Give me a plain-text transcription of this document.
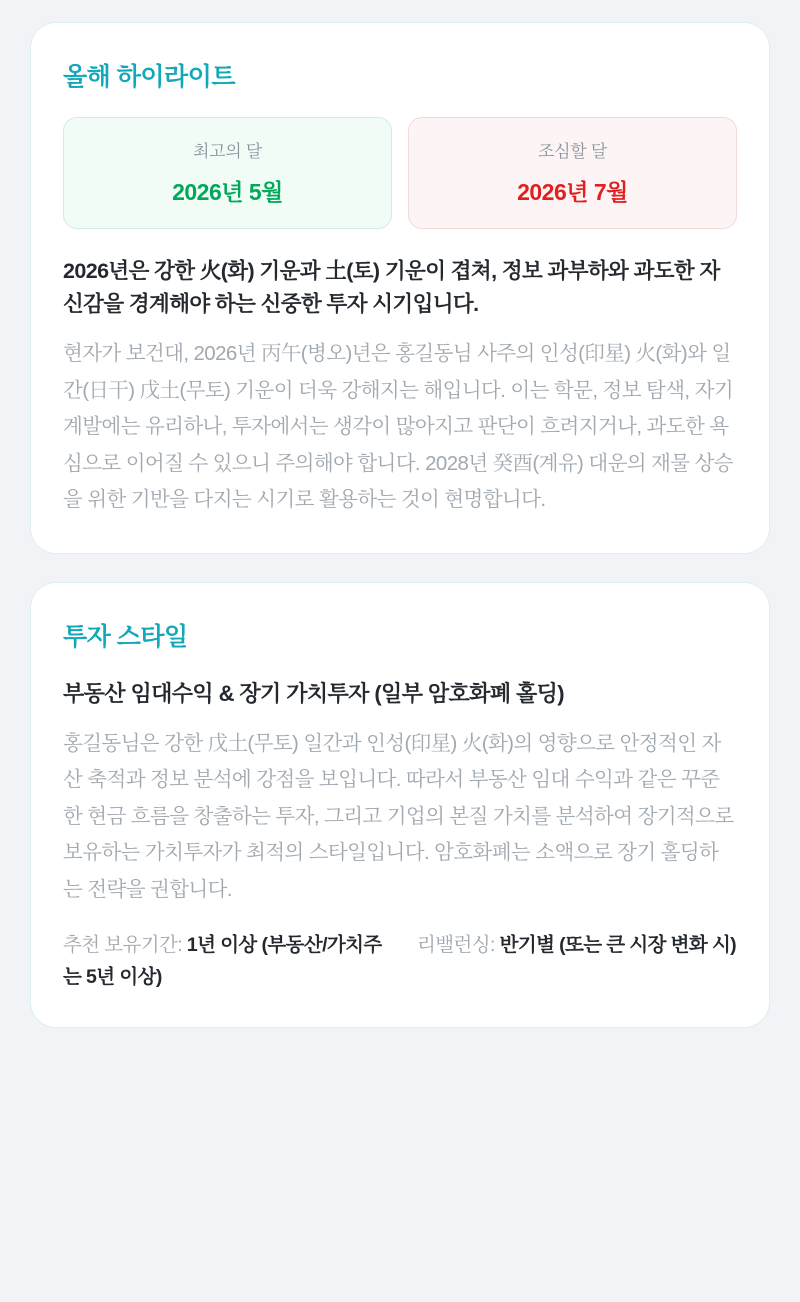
올해 하이라이트
최고의 달
2026년 5월
조심할 달
2026년 7월

2026년은 강한 火(화) 기운과 土(토) 기운이 겹쳐, 정보 과부하와 과도한 자신감을 경계해야 하는 신중한 투자 시기입니다.

현자가 보건대, 2026년 丙午(병오)년은 홍길동님 사주의 인성(印星) 火(화)와 일간(日干) 戊土(무토) 기운이 더욱 강해지는 해입니다. 이는 학문, 정보 탐색, 자기 계발에는 유리하나, 투자에서는 생각이 많아지고 판단이 흐려지거나, 과도한 욕심으로 이어질 수 있으니 주의해야 합니다. 2028년 癸酉(계유) 대운의 재물 상승을 위한 기반을 다지는 시기로 활용하는 것이 현명합니다.

투자 스타일
부동산 임대수익 & 장기 가치투자 (일부 암호화폐 홀딩)

홍길동님은 강한 戊土(무토) 일간과 인성(印星) 火(화)의 영향으로 안정적인 자산 축적과 정보 분석에 강점을 보입니다. 따라서 부동산 임대 수익과 같은 꾸준한 현금 흐름을 창출하는 투자, 그리고 기업의 본질 가치를 분석하여 장기적으로 보유하는 가치투자가 최적의 스타일입니다. 암호화폐는 소액으로 장기 홀딩하는 전략을 권합니다.

추천 보유기간: 1년 이상 (부동산/가치주는 5년 이상)
리밸런싱: 반기별 (또는 큰 시장 변화 시)
